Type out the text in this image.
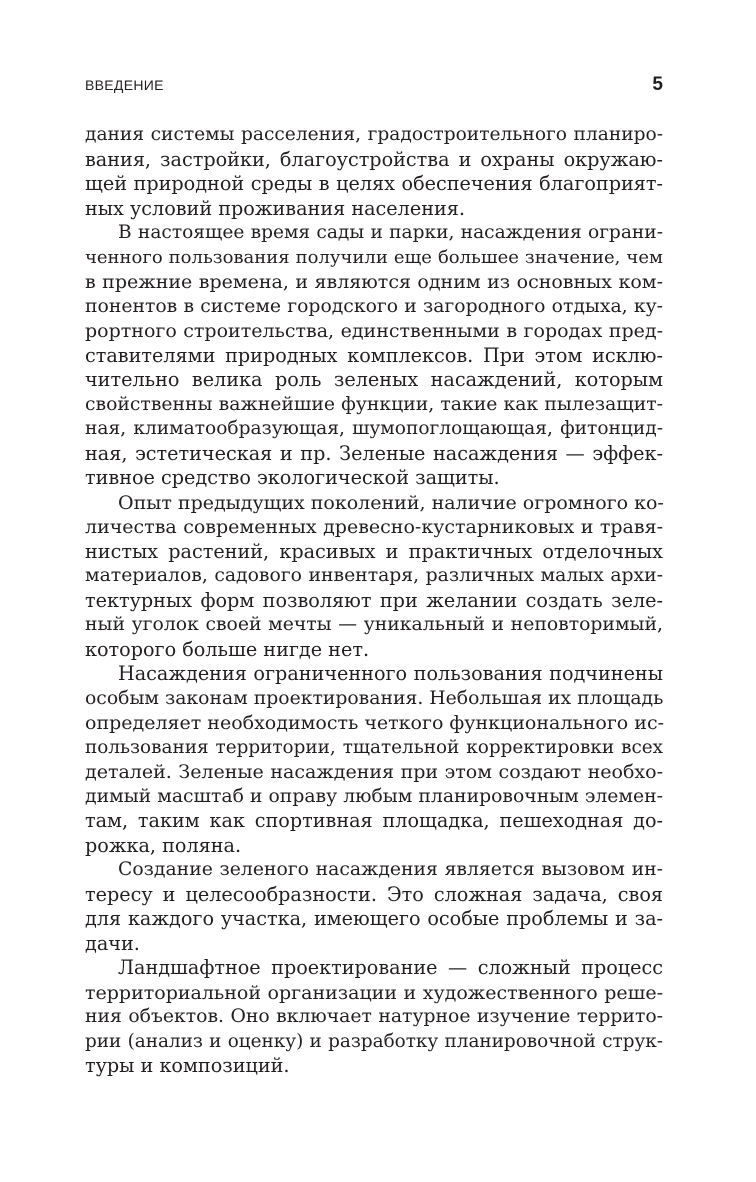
ВВЕДЕНИЕ	5
дания системы расселения, градостроительного планиро-
вания, застройки, благоустройства и охраны окружаю-
щей природной среды в целях обеспечения благоприят-
ных условий проживания населения.
В настоящее время сады и парки, насаждения ограни-
ченного пользования получили еще большее значение, чем
в прежние времена, и являются одним из основных ком-
понентов в системе городского и загородного отдыха, ку-
рортного строительства, единственными в городах пред-
ставителями природных комплексов. При этом исклю-
чительно велика роль зеленых насаждений, которым
свойственны важнейшие функции, такие как пылезащит-
ная, климатообразующая, шумопоглощающая, фитонцид-
ная, эстетическая и пр. Зеленые насаждения — эффек-
тивное средство экологической защиты.
Опыт предыдущих поколений, наличие огромного ко-
личества современных древесно-кустарниковых и травя-
нистых растений, красивых и практичных отделочных
материалов, садового инвентаря, различных малых архи-
тектурных форм позволяют при желании создать зеле-
ный уголок своей мечты — уникальный и неповторимый,
которого больше нигде нет.
Насаждения ограниченного пользования подчинены
особым законам проектирования. Небольшая их площадь
определяет необходимость четкого функционального ис-
пользования территории, тщательной корректировки всех
деталей. Зеленые насаждения при этом создают необхо-
димый масштаб и оправу любым планировочным элемен-
там, таким как спортивная площадка, пешеходная до-
рожка, поляна.
Создание зеленого насаждения является вызовом ин-
тересу и целесообразности. Это сложная задача, своя
для каждого участка, имеющего особые проблемы и за-
дачи.
Ландшафтное проектирование — сложный процесс
территориальной организации и художественного реше-
ния объектов. Оно включает натурное изучение террито-
рии (анализ и оценку) и разработку планировочной струк-
туры и композиций.
